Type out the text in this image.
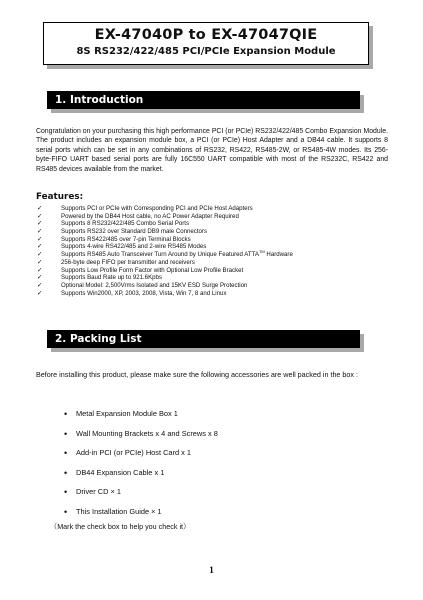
EX-47040P to EX-47047QIE
8S RS232/422/485 PCI/PCIe Expansion Module
1. Introduction

Congratulation on your purchasing this high performance PCI (or PCIe) RS232/422/485 Combo Expansion Module. The product includes an expansion module box, a PCI (or PCIe) Host Adapter and a DB44 cable. It supports 8 serial ports which can be set in any combinations of RS232, RS422, RS485-2W, or RS485-4W modes. Its 256-byte-FIFO UART based serial ports are fully 16C550 UART compatible with most of the RS232C, RS422 and RS485 devices available from the market.

Features:

✓	Supports PCI or PCIe with Corresponding PCI and PCIe Host Adapters
✓	Powered by the DB44 Host cable, no AC Power Adapter Required
✓	Supports 8 RS232/422/485 Combo Serial Ports
✓	Supports RS232 over Standard DB9 male Connectors
✓	Supports RS422/485 over 7-pin Terminal Blocks
✓	Supports 4-wire RS422/485 and 2-wire RS485 Modes
✓	Supports RS485 Auto Transceiver Turn Around by Unique Featured ATTA™ Hardware
✓	256-byte deep FIFO per transmitter and receivers
✓	Supports Low Profile Form Factor with Optional Low Profile Bracket
✓	Supports Baud Rate up to 921.6Kpbs
✓	Optional Model: 2,500Vrms Isolated and 15KV ESD Surge Protection
✓	Supports Win2000, XP, 2003, 2008, Vista, Win 7, 8 and Linux
2. Packing List

Before installing this product, please make sure the following accessories are well packed in the box :

• Metal Expansion Module Box 1
• Wall Mounting Brackets x 4 and Screws x 8
• Add-in PCI (or PCIe) Host Card x 1
• DB44 Expansion Cable x 1
• Driver CD × 1
• This Installation Guide × 1

（Mark the check box to help you check it）

1
